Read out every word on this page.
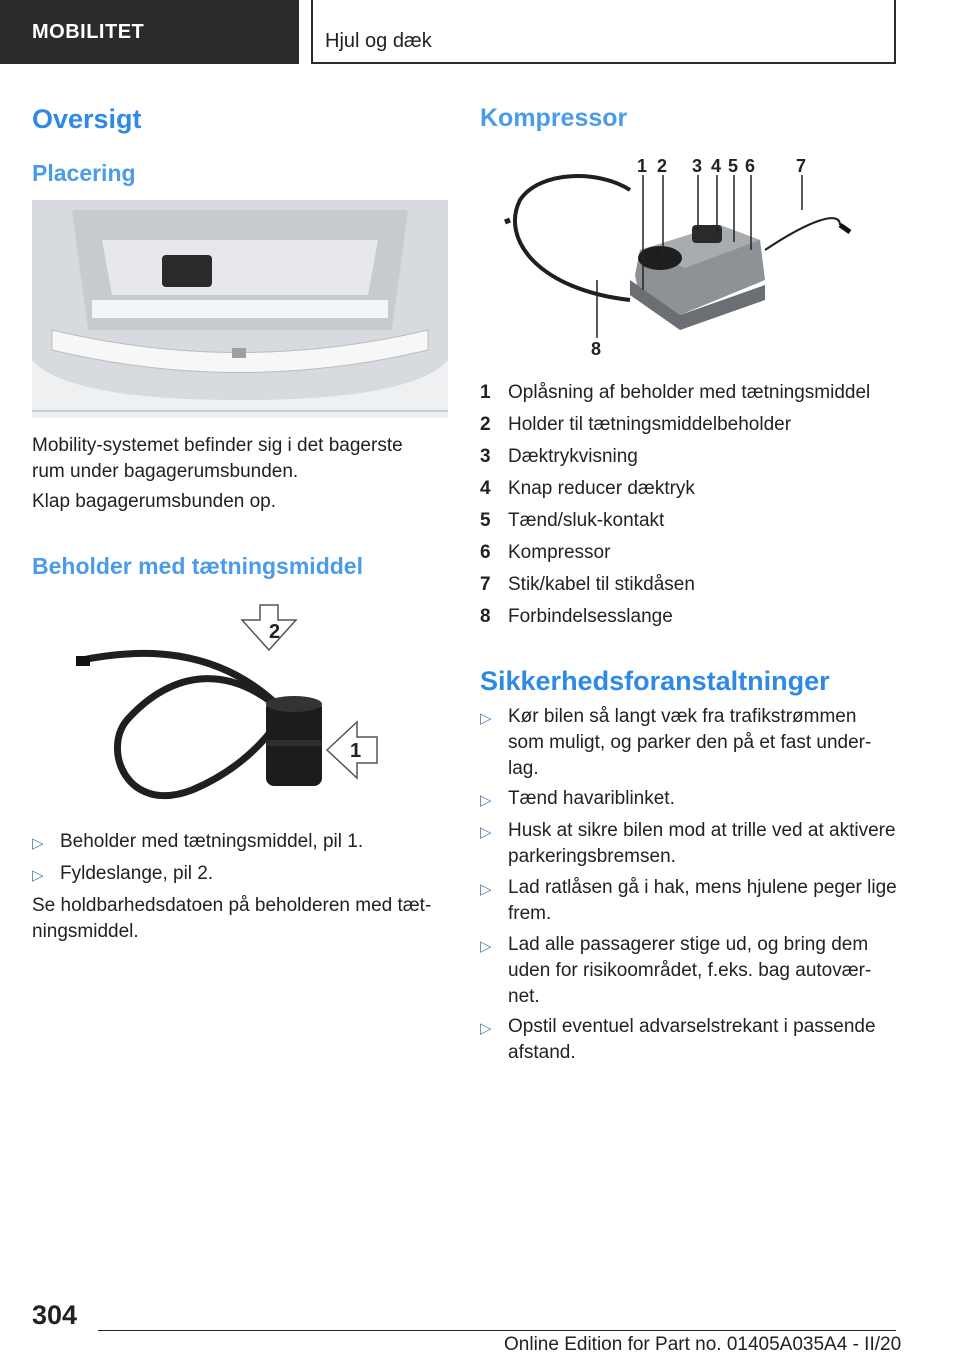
MOBILITET	Hjul og dæk
Oversigt
Placering
Mobility-systemet befinder sig i det bagerste
rum under bagagerumsbunden.
Klap bagagerumsbunden op.
Beholder med tætningsmiddel
2
1
▷ Beholder med tætningsmiddel, pil 1.
▷ Fyldeslange, pil 2.
Se holdbarhedsdatoen på beholderen med tæt‐
ningsmiddel.
Kompressor
1 2 3 4 5 6 7
8
1 Oplåsning af beholder med tætningsmiddel
2 Holder til tætningsmiddelbeholder
3 Dæktrykvisning
4 Knap reducer dæktryk
5 Tænd/sluk-kontakt
6 Kompressor
7 Stik/kabel til stikdåsen
8 Forbindelsesslange
Sikkerhedsforanstaltninger
▷ Kør bilen så langt væk fra trafikstrømmen
som muligt, og parker den på et fast under‐
lag.
▷ Tænd havariblinket.
▷ Husk at sikre bilen mod at trille ved at aktivere
parkeringsbremsen.
▷ Lad ratlåsen gå i hak, mens hjulene peger lige
frem.
▷ Lad alle passagerer stige ud, og bring dem
uden for risikoområdet, f.eks. bag autovær‐
net.
▷ Opstil eventuel advarselstrekant i passende
afstand.
304
Online Edition for Part no. 01405A035A4 - II/20
